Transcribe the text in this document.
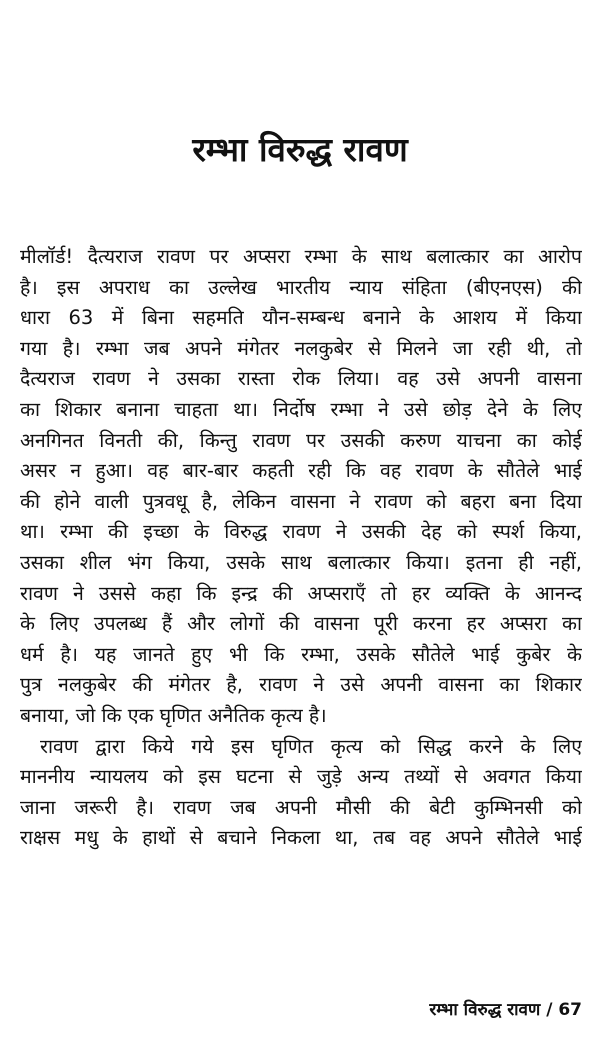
रम्भा विरुद्ध रावण
मीलॉर्ड! दैत्यराज रावण पर अप्सरा रम्भा के साथ बलात्कार का आरोप
है। इस अपराध का उल्लेख भारतीय न्याय संहिता (बीएनएस) की
धारा 63 में बिना सहमति यौन-सम्बन्ध बनाने के आशय में किया
गया है। रम्भा जब अपने मंगेतर नलकुबेर से मिलने जा रही थी, तो
दैत्यराज रावण ने उसका रास्ता रोक लिया। वह उसे अपनी वासना
का शिकार बनाना चाहता था। निर्दोष रम्भा ने उसे छोड़ देने के लिए
अनगिनत विनती की, किन्तु रावण पर उसकी करुण याचना का कोई
असर न हुआ। वह बार-बार कहती रही कि वह रावण के सौतेले भाई
की होने वाली पुत्रवधू है, लेकिन वासना ने रावण को बहरा बना दिया
था। रम्भा की इच्छा के विरुद्ध रावण ने उसकी देह को स्पर्श किया,
उसका शील भंग किया, उसके साथ बलात्कार किया। इतना ही नहीं,
रावण ने उससे कहा कि इन्द्र की अप्सराएँ तो हर व्यक्ति के आनन्द
के लिए उपलब्ध हैं और लोगों की वासना पूरी करना हर अप्सरा का
धर्म है। यह जानते हुए भी कि रम्भा, उसके सौतेले भाई कुबेर के
पुत्र नलकुबेर की मंगेतर है, रावण ने उसे अपनी वासना का शिकार
बनाया, जो कि एक घृणित अनैतिक कृत्य है।
रावण द्वारा किये गये इस घृणित कृत्य को सिद्ध करने के लिए
माननीय न्यायलय को इस घटना से जुड़े अन्य तथ्यों से अवगत किया
जाना जरूरी है। रावण जब अपनी मौसी की बेटी कुम्भिनसी को
राक्षस मधु के हाथों से बचाने निकला था, तब वह अपने सौतेले भाई
रम्भा विरुद्ध रावण / 67
